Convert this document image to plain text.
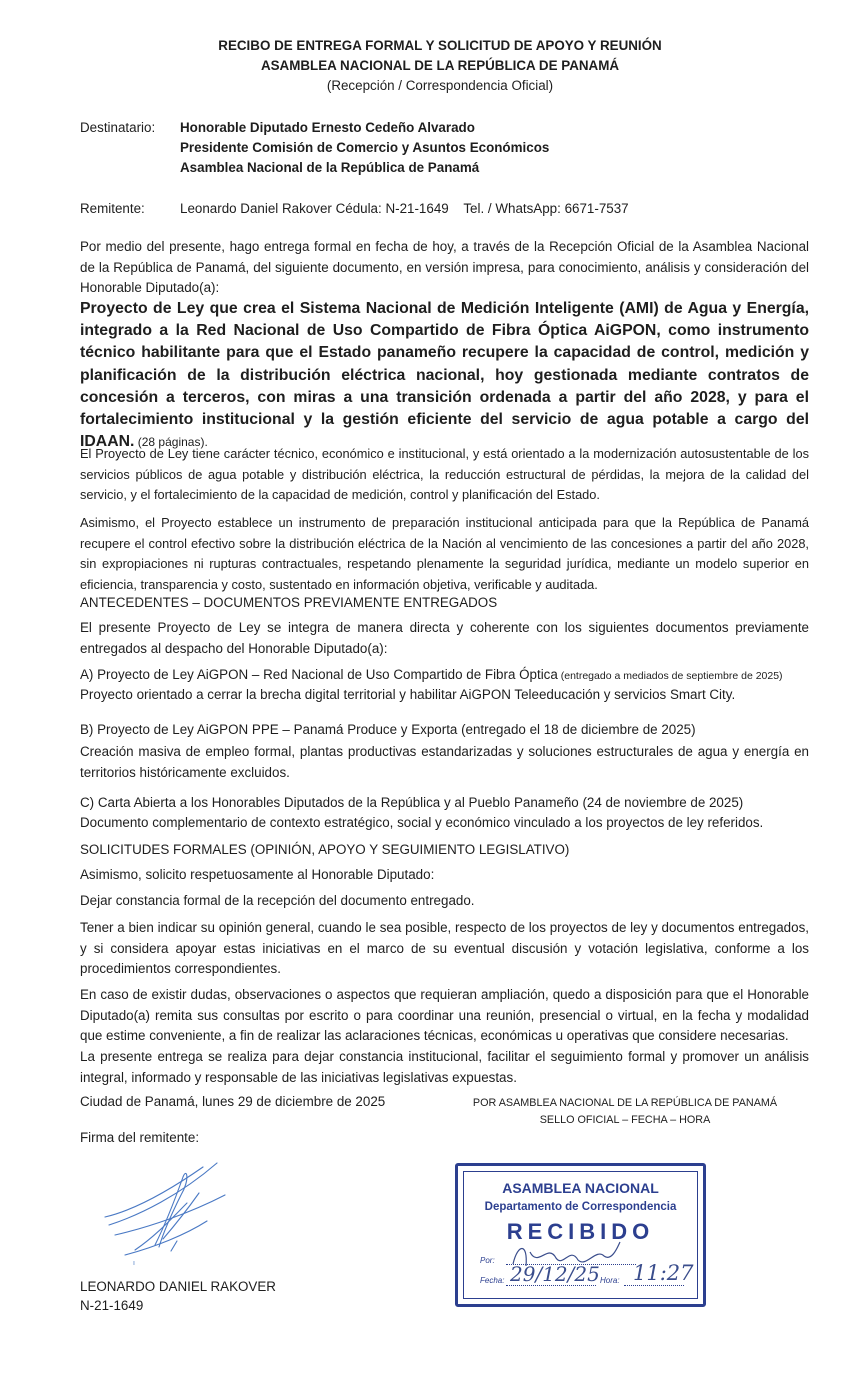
RECIBO DE ENTREGA FORMAL Y SOLICITUD DE APOYO Y REUNIÓN
ASAMBLEA NACIONAL DE LA REPÚBLICA DE PANAMÁ
(Recepción / Correspondencia Oficial)
Destinatario: Honorable Diputado Ernesto Cedeño Alvarado
Presidente Comisión de Comercio y Asuntos Económicos
Asamblea Nacional de la República de Panamá
Remitente:	Leonardo Daniel Rakover Cédula: N-21-1649    Tel. / WhatsApp: 6671-7537
Por medio del presente, hago entrega formal en fecha de hoy, a través de la Recepción Oficial de la Asamblea Nacional de la República de Panamá, del siguiente documento, en versión impresa, para conocimiento, análisis y consideración del Honorable Diputado(a):
Proyecto de Ley que crea el Sistema Nacional de Medición Inteligente (AMI) de Agua y Energía, integrado a la Red Nacional de Uso Compartido de Fibra Óptica AiGPON, como instrumento técnico habilitante para que el Estado panameño recupere la capacidad de control, medición y planificación de la distribución eléctrica nacional, hoy gestionada mediante contratos de concesión a terceros, con miras a una transición ordenada a partir del año 2028, y para el fortalecimiento institucional y la gestión eficiente del servicio de agua potable a cargo del IDAAN. (28 páginas).
El Proyecto de Ley tiene carácter técnico, económico e institucional, y está orientado a la modernización autosustentable de los servicios públicos de agua potable y distribución eléctrica, la reducción estructural de pérdidas, la mejora de la calidad del servicio, y el fortalecimiento de la capacidad de medición, control y planificación del Estado.
Asimismo, el Proyecto establece un instrumento de preparación institucional anticipada para que la República de Panamá recupere el control efectivo sobre la distribución eléctrica de la Nación al vencimiento de las concesiones a partir del año 2028, sin expropiaciones ni rupturas contractuales, respetando plenamente la seguridad jurídica, mediante un modelo superior en eficiencia, transparencia y costo, sustentado en información objetiva, verificable y auditada.
ANTECEDENTES – DOCUMENTOS PREVIAMENTE ENTREGADOS
El presente Proyecto de Ley se integra de manera directa y coherente con los siguientes documentos previamente entregados al despacho del Honorable Diputado(a):
A) Proyecto de Ley AiGPON – Red Nacional de Uso Compartido de Fibra Óptica (entregado a mediados de septiembre de 2025)
Proyecto orientado a cerrar la brecha digital territorial y habilitar AiGPON Teleeducación y servicios Smart City.
B) Proyecto de Ley AiGPON PPE – Panamá Produce y Exporta (entregado el 18 de diciembre de 2025)
Creación masiva de empleo formal, plantas productivas estandarizadas y soluciones estructurales de agua y energía en territorios históricamente excluidos.
C) Carta Abierta a los Honorables Diputados de la República y al Pueblo Panameño (24 de noviembre de 2025)
Documento complementario de contexto estratégico, social y económico vinculado a los proyectos de ley referidos.
SOLICITUDES FORMALES (OPINIÓN, APOYO Y SEGUIMIENTO LEGISLATIVO)
Asimismo, solicito respetuosamente al Honorable Diputado:
Dejar constancia formal de la recepción del documento entregado.
Tener a bien indicar su opinión general, cuando le sea posible, respecto de los proyectos de ley y documentos entregados, y si considera apoyar estas iniciativas en el marco de su eventual discusión y votación legislativa, conforme a los procedimientos correspondientes.
En caso de existir dudas, observaciones o aspectos que requieran ampliación, quedo a disposición para que el Honorable Diputado(a) remita sus consultas por escrito o para coordinar una reunión, presencial o virtual, en la fecha y modalidad que estime conveniente, a fin de realizar las aclaraciones técnicas, económicas u operativas que considere necesarias.
La presente entrega se realiza para dejar constancia institucional, facilitar el seguimiento formal y promover un análisis integral, informado y responsable de las iniciativas legislativas expuestas.
Ciudad de Panamá, lunes 29 de diciembre de 2025	POR ASAMBLEA NACIONAL DE LA REPÚBLICA DE PANAMÁ
SELLO OFICIAL – FECHA – HORA
Firma del remitente:
ı
LEONARDO DANIEL RAKOVER
N-21-1649
ASAMBLEA NACIONAL
Departamento de Correspondencia
RECIBIDO
Por:
Fecha: 29/12/25 Hora: 11:27
